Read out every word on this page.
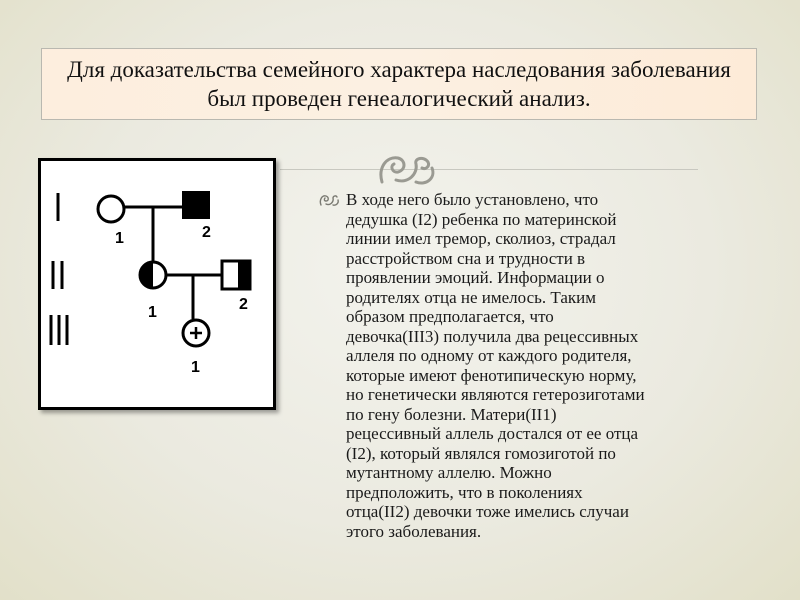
Для доказательства семейного характера наследования заболевания был проведен генеалогический анализ.
1	2
1	2
1
В ходе него было установлено, что
дедушка (I2) ребенка по материнской
линии имел тремор, сколиоз, страдал
расстройством сна и трудности в
проявлении эмоций. Информации о
родителях отца не имелось. Таким
образом предполагается, что
девочка(III3) получила два рецессивных
аллеля по одному от каждого родителя,
которые имеют фенотипическую норму,
но генетически являются гетерозиготами
по гену болезни. Матери(II1)
рецессивный аллель достался от ее отца
(I2), который являлся гомозиготой по
мутантному аллелю. Можно
предположить, что в поколениях
отца(II2) девочки тоже имелись случаи
этого заболевания.
